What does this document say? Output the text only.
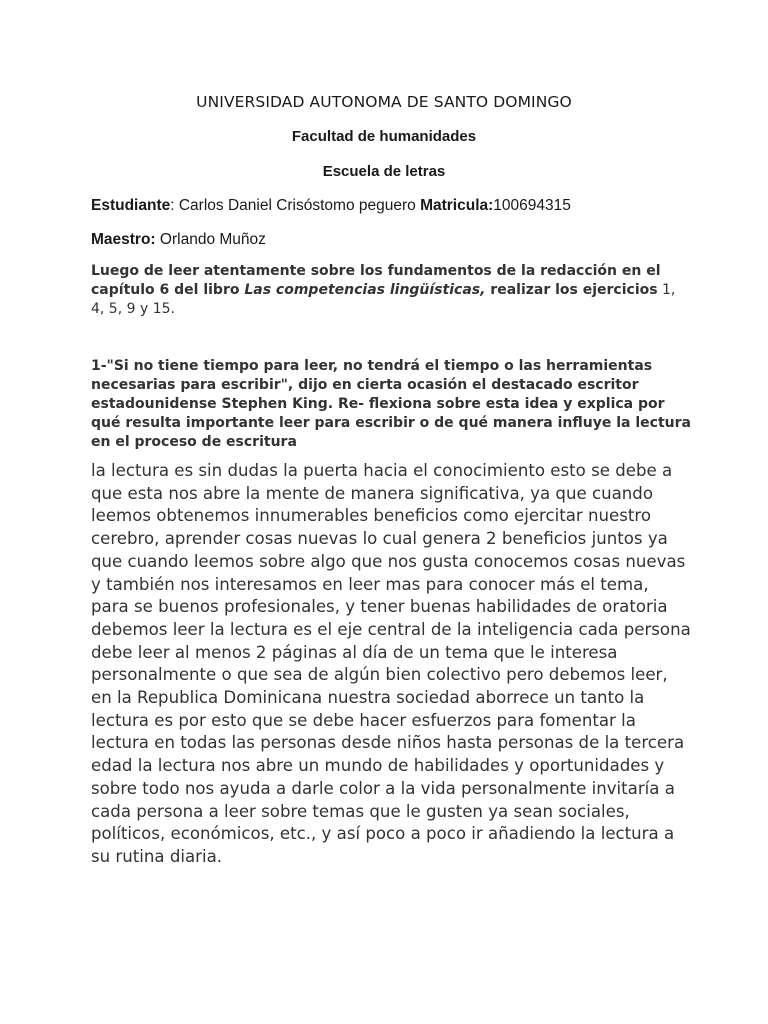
UNIVERSIDAD AUTONOMA DE SANTO DOMINGO
Facultad de humanidades
Escuela de letras
Estudiante: Carlos Daniel Crisóstomo peguero Matricula:100694315
Maestro: Orlando Muñoz
Luego de leer atentamente sobre los fundamentos de la redacción en el capítulo 6 del libro Las competencias lingüísticas, realizar los ejercicios 1, 4, 5, 9 y 15.
1-"Si no tiene tiempo para leer, no tendrá el tiempo o las herramientas necesarias para escribir", dijo en cierta ocasión el destacado escritor estadounidense Stephen King. Re- flexiona sobre esta idea y explica por qué resulta importante leer para escribir o de qué manera influye la lectura en el proceso de escritura
la lectura es sin dudas la puerta hacia el conocimiento esto se debe a que esta nos abre la mente de manera significativa, ya que cuando leemos obtenemos innumerables beneficios como ejercitar nuestro cerebro, aprender cosas nuevas lo cual genera 2 beneficios juntos ya que cuando leemos sobre algo que nos gusta conocemos cosas nuevas y también nos interesamos en leer mas para conocer más el tema, para se buenos profesionales, y tener buenas habilidades de oratoria debemos leer la lectura es el eje central de la inteligencia cada persona debe leer al menos 2 páginas al día de un tema que le interesa personalmente o que sea de algún bien colectivo pero debemos leer, en la Republica Dominicana nuestra sociedad aborrece un tanto la lectura es por esto que se debe hacer esfuerzos para fomentar la lectura en todas las personas desde niños hasta personas de la tercera edad la lectura nos abre un mundo de habilidades y oportunidades y sobre todo nos ayuda a darle color a la vida personalmente invitaría a cada persona a leer sobre temas que le gusten ya sean sociales, políticos, económicos, etc., y así poco a poco ir añadiendo la lectura a su rutina diaria.
